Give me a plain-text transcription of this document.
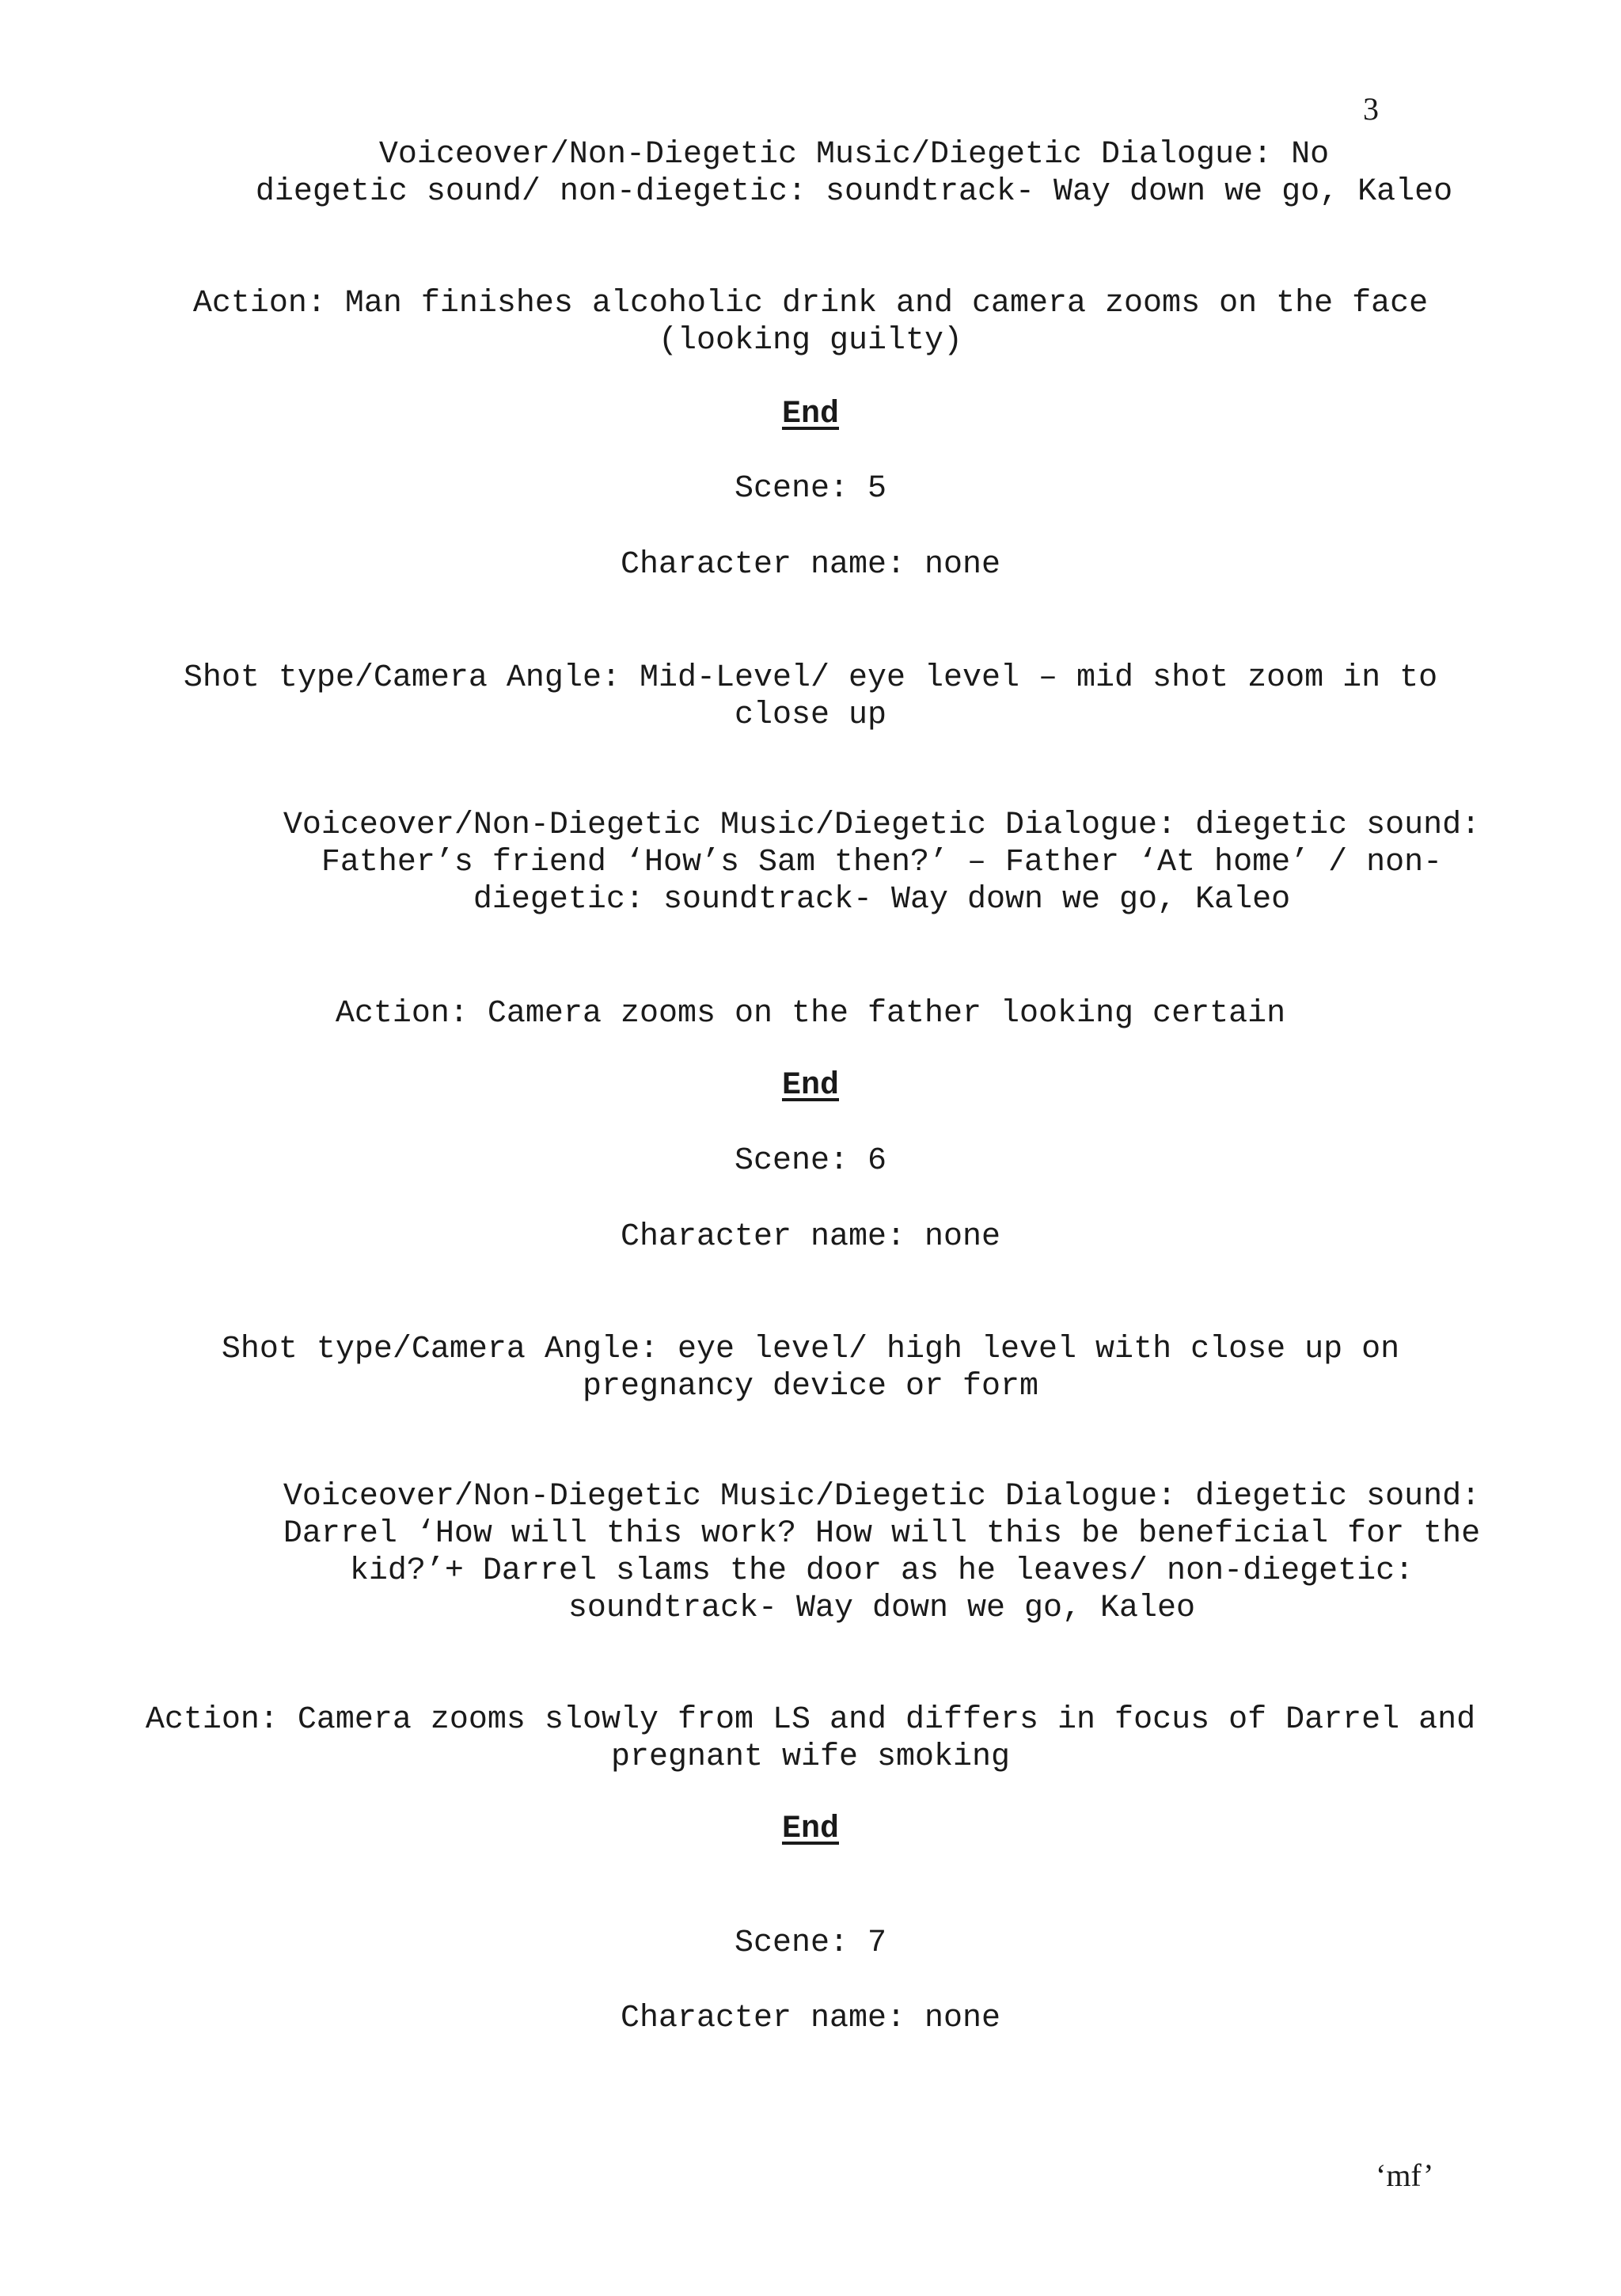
3
Voiceover/Non-Diegetic Music/Diegetic Dialogue: No
diegetic sound/ non-diegetic: soundtrack- Way down we go, Kaleo
Action: Man finishes alcoholic drink and camera zooms on the face
(looking guilty)
End
Scene: 5
Character name: none
Shot type/Camera Angle: Mid-Level/ eye level – mid shot zoom in to
close up
Voiceover/Non-Diegetic Music/Diegetic Dialogue: diegetic sound:
Father’s friend ‘How’s Sam then?’ – Father ‘At home’ / non-
diegetic: soundtrack- Way down we go, Kaleo
Action: Camera zooms on the father looking certain
End
Scene: 6
Character name: none
Shot type/Camera Angle: eye level/ high level with close up on
pregnancy device or form
Voiceover/Non-Diegetic Music/Diegetic Dialogue: diegetic sound:
Darrel ‘How will this work? How will this be beneficial for the
kid?’+ Darrel slams the door as he leaves/ non-diegetic:
soundtrack- Way down we go, Kaleo
Action: Camera zooms slowly from LS and differs in focus of Darrel and
pregnant wife smoking
End
Scene: 7
Character name: none
‘mf’
